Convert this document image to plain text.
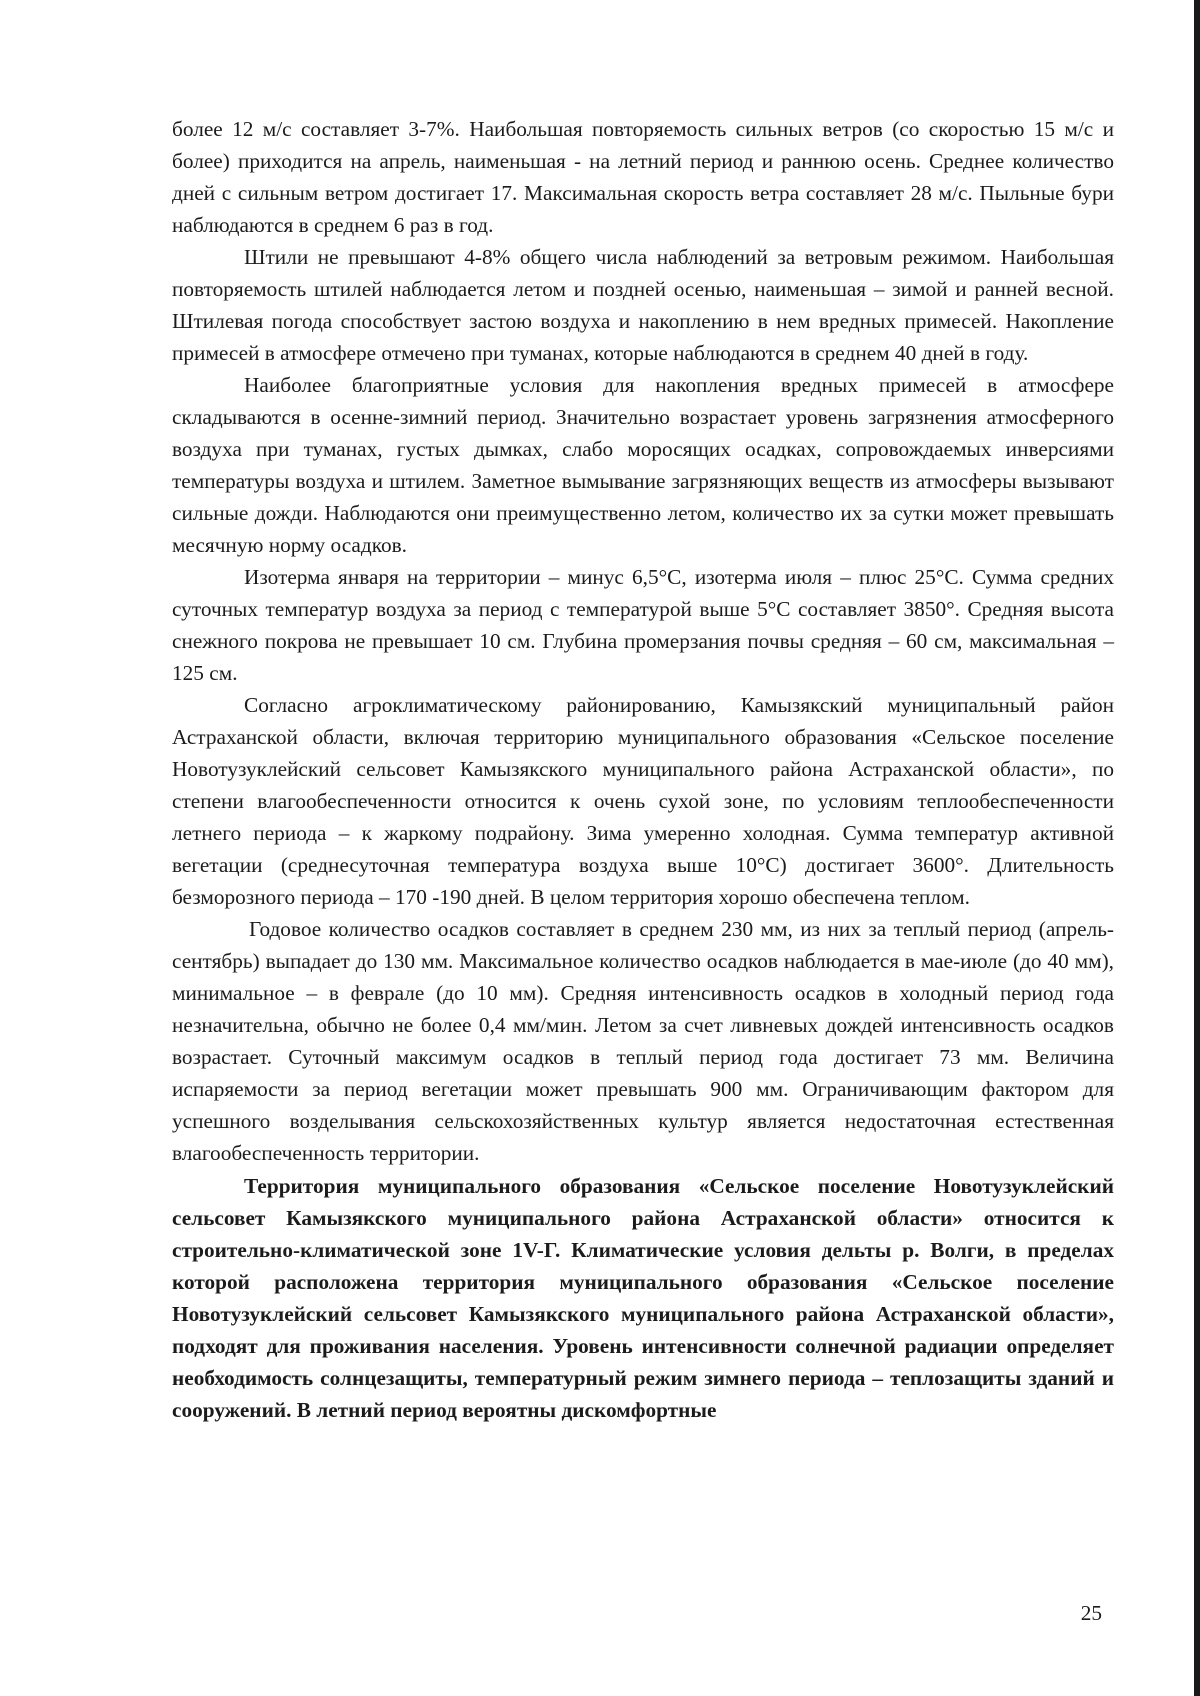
более 12 м/с составляет 3-7%. Наибольшая повторяемость сильных ветров (со скоростью 15 м/с и более) приходится на апрель, наименьшая - на летний период и раннюю осень. Среднее количество дней с сильным ветром достигает 17. Максимальная скорость ветра составляет 28 м/с. Пыльные бури наблюдаются в среднем 6 раз в год.

Штили не превышают 4-8% общего числа наблюдений за ветровым режимом. Наибольшая повторяемость штилей наблюдается летом и поздней осенью, наименьшая – зимой и ранней весной. Штилевая погода способствует застою воздуха и накоплению в нем вредных примесей. Накопление примесей в атмосфере отмечено при туманах, которые наблюдаются в среднем 40 дней в году.

Наиболее благоприятные условия для накопления вредных примесей в атмосфере складываются в осенне-зимний период. Значительно возрастает уровень загрязнения атмосферного воздуха при туманах, густых дымках, слабо моросящих осадках, сопровождаемых инверсиями температуры воздуха и штилем. Заметное вымывание загрязняющих веществ из атмосферы вызывают сильные дожди. Наблюдаются они преимущественно летом, количество их за сутки может превышать месячную норму осадков.

Изотерма января на территории – минус 6,5°С, изотерма июля – плюс 25°С. Сумма средних суточных температур воздуха за период с температурой выше 5°С составляет 3850°. Средняя высота снежного покрова не превышает 10 см. Глубина промерзания почвы средняя – 60 см, максимальная – 125 см.

Согласно агроклиматическому районированию, Камызякский муниципальный район Астраханской области, включая территорию муниципального образования «Сельское поселение Новотузуклейский сельсовет Камызякского муниципального района Астраханской области», по степени влагообеспеченности относится к очень сухой зоне, по условиям теплообеспеченности летнего периода – к жаркому подрайону. Зима умеренно холодная. Сумма температур активной вегетации (среднесуточная температура воздуха выше 10°С) достигает 3600°. Длительность безморозного периода – 170 -190 дней. В целом территория хорошо обеспечена теплом.

Годовое количество осадков составляет в среднем 230 мм, из них за теплый период (апрель-сентябрь) выпадает до 130 мм. Максимальное количество осадков наблюдается в мае-июле (до 40 мм), минимальное – в феврале (до 10 мм). Средняя интенсивность осадков в холодный период года незначительна, обычно не более 0,4 мм/мин. Летом за счет ливневых дождей интенсивность осадков возрастает. Суточный максимум осадков в теплый период года достигает 73 мм. Величина испаряемости за период вегетации может превышать 900 мм. Ограничивающим фактором для успешного возделывания сельскохозяйственных культур является недостаточная естественная влагообеспеченность территории.

Территория муниципального образования «Сельское поселение Новотузуклейский сельсовет Камызякского муниципального района Астраханской области» относится к строительно-климатической зоне 1V-Г. Климатические условия дельты р. Волги, в пределах которой расположена территория муниципального образования «Сельское поселение Новотузуклейский сельсовет Камызякского муниципального района Астраханской области», подходят для проживания населения. Уровень интенсивности солнечной радиации определяет необходимость солнцезащиты, температурный режим зимнего периода – теплозащиты зданий и сооружений. В летний период вероятны дискомфортные

25
